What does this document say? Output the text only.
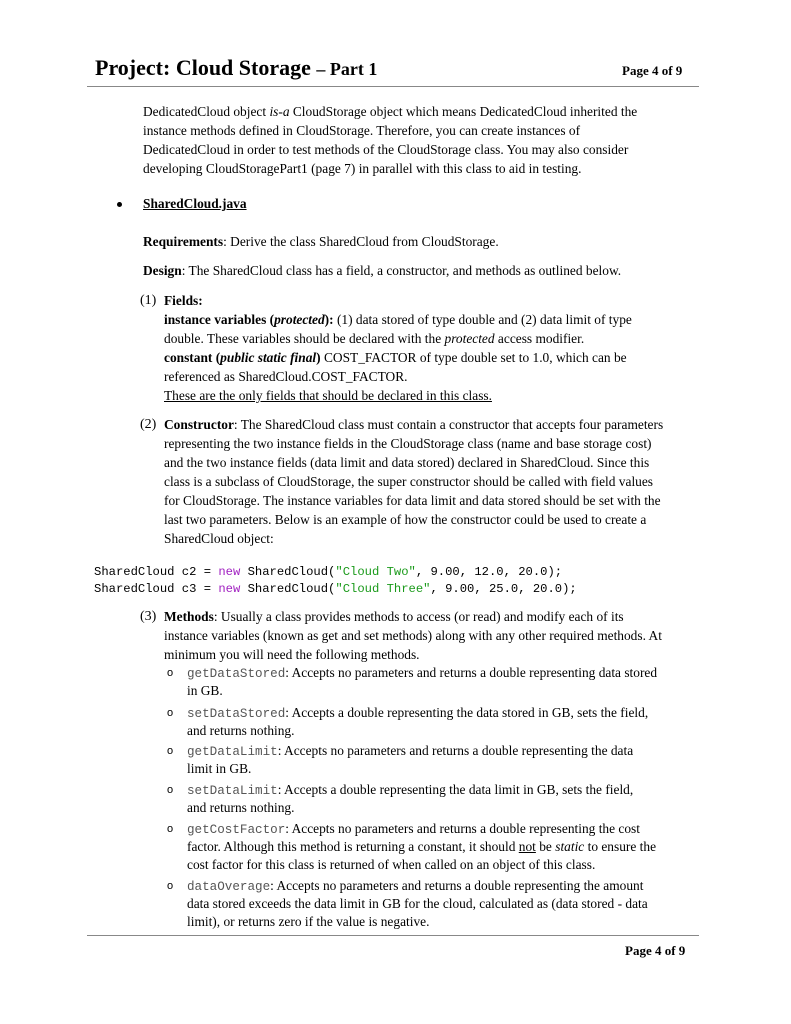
Project: Cloud Storage – Part 1	Page 4 of 9
DedicatedCloud object is-a CloudStorage object which means DedicatedCloud inherited the
instance methods defined in CloudStorage. Therefore, you can create instances of
DedicatedCloud in order to test methods of the CloudStorage class. You may also consider
developing CloudStoragePart1 (page 7) in parallel with this class to aid in testing.
SharedCloud.java
Requirements: Derive the class SharedCloud from CloudStorage.
Design: The SharedCloud class has a field, a constructor, and methods as outlined below.
(1) Fields:
instance variables (protected): (1) data stored of type double and (2) data limit of type
double. These variables should be declared with the protected access modifier.
constant (public static final) COST_FACTOR of type double set to 1.0, which can be
referenced as SharedCloud.COST_FACTOR.
These are the only fields that should be declared in this class.
(2) Constructor: The SharedCloud class must contain a constructor that accepts four parameters
representing the two instance fields in the CloudStorage class (name and base storage cost)
and the two instance fields (data limit and data stored) declared in SharedCloud. Since this
class is a subclass of CloudStorage, the super constructor should be called with field values
for CloudStorage. The instance variables for data limit and data stored should be set with the
last two parameters. Below is an example of how the constructor could be used to create a
SharedCloud object:
SharedCloud c2 = new SharedCloud("Cloud Two", 9.00, 12.0, 20.0);
SharedCloud c3 = new SharedCloud("Cloud Three", 9.00, 25.0, 20.0);
(3) Methods: Usually a class provides methods to access (or read) and modify each of its
instance variables (known as get and set methods) along with any other required methods. At
minimum you will need the following methods.
o getDataStored: Accepts no parameters and returns a double representing data stored
in GB.
o setDataStored: Accepts a double representing the data stored in GB, sets the field,
and returns nothing.
o getDataLimit: Accepts no parameters and returns a double representing the data
limit in GB.
o setDataLimit: Accepts a double representing the data limit in GB, sets the field,
and returns nothing.
o getCostFactor: Accepts no parameters and returns a double representing the cost
factor. Although this method is returning a constant, it should not be static to ensure the
cost factor for this class is returned of when called on an object of this class.
o dataOverage: Accepts no parameters and returns a double representing the amount
data stored exceeds the data limit in GB for the cloud, calculated as (data stored - data
limit), or returns zero if the value is negative.
Page 4 of 9
